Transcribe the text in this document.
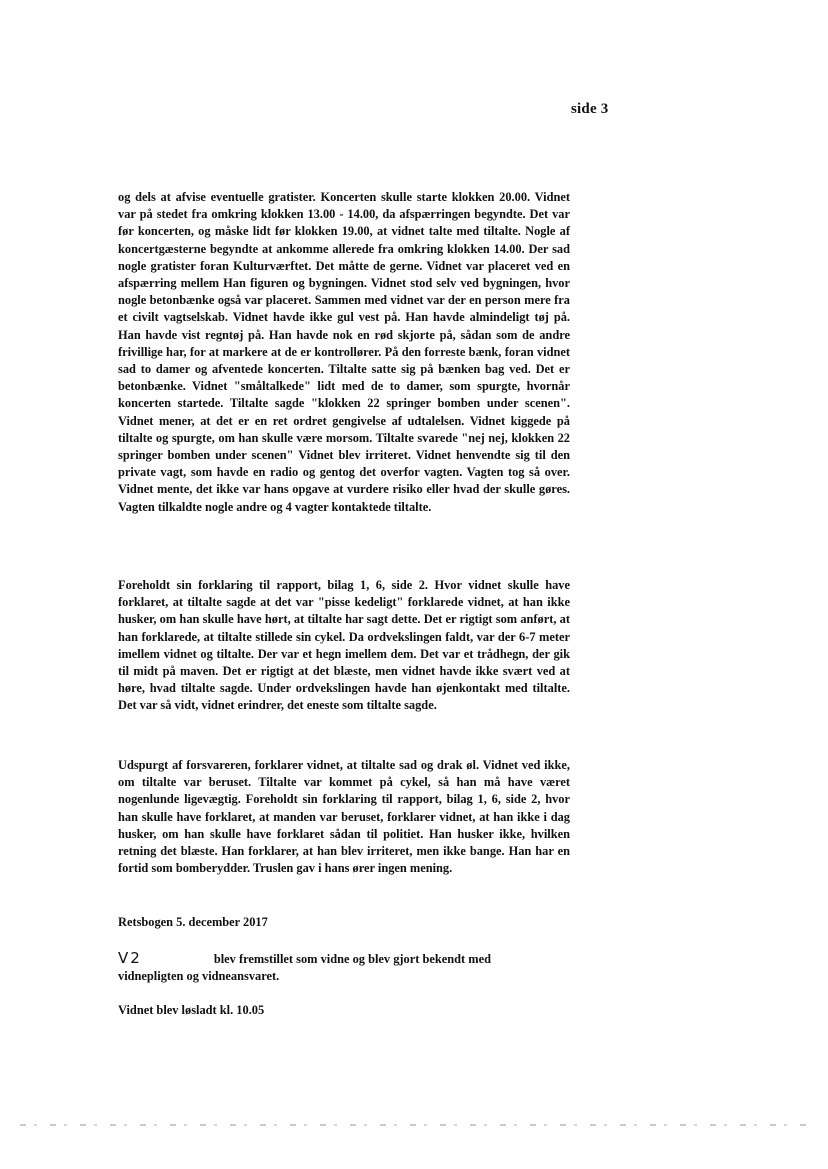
side 3

og dels at afvise eventuelle gratister. Koncerten skulle starte klokken 20.00. Vidnet var på stedet fra omkring klokken 13.00 - 14.00, da afspærringen begyndte. Det var før koncerten, og måske lidt før klokken 19.00, at vidnet talte med tiltalte. Nogle af koncertgæsterne begyndte at ankomme allerede fra omkring klokken 14.00. Der sad nogle gratister foran Kulturværftet. Det måtte de gerne. Vidnet var placeret ved en afspærring mellem Han figuren og bygningen. Vidnet stod selv ved bygningen, hvor nogle betonbænke også var placeret. Sammen med vidnet var der en person mere fra et civilt vagtselskab. Vidnet havde ikke gul vest på. Han havde almindeligt tøj på. Han havde vist regntøj på. Han havde nok en rød skjorte på, sådan som de andre frivillige har, for at markere at de er kontrollører. På den forreste bænk, foran vidnet sad to damer og afventede koncerten. Tiltalte satte sig på bænken bag ved. Det er betonbænke. Vidnet "småltalkede" lidt med de to damer, som spurgte, hvornår koncerten startede. Tiltalte sagde "klokken 22 springer bomben under scenen". Vidnet mener, at det er en ret ordret gengivelse af udtalelsen. Vidnet kiggede på tiltalte og spurgte, om han skulle være morsom. Tiltalte svarede "nej nej, klokken 22 springer bomben under scenen" Vidnet blev irriteret. Vidnet henvendte sig til den private vagt, som havde en radio og gentog det overfor vagten. Vagten tog så over. Vidnet mente, det ikke var hans opgave at vurdere risiko eller hvad der skulle gøres. Vagten tilkaldte nogle andre og 4 vagter kontaktede tiltalte.

Foreholdt sin forklaring til rapport, bilag 1, 6, side 2. Hvor vidnet skulle have forklaret, at tiltalte sagde at det var "pisse kedeligt" forklarede vidnet, at han ikke husker, om han skulle have hørt, at tiltalte har sagt dette. Det er rigtigt som anført, at han forklarede, at tiltalte stillede sin cykel. Da ordvekslingen faldt, var der 6-7 meter imellem vidnet og tiltalte. Der var et hegn imellem dem. Det var et trådhegn, der gik til midt på maven. Det er rigtigt at det blæste, men vidnet havde ikke svært ved at høre, hvad tiltalte sagde. Under ordvekslingen havde han øjenkontakt med tiltalte. Det var så vidt, vidnet erindrer, det eneste som tiltalte sagde.

Udspurgt af forsvareren, forklarer vidnet, at tiltalte sad og drak øl. Vidnet ved ikke, om tiltalte var beruset. Tiltalte var kommet på cykel, så han må have været nogenlunde ligevægtig. Foreholdt sin forklaring til rapport, bilag 1, 6, side 2, hvor han skulle have forklaret, at manden var beruset, forklarer vidnet, at han ikke i dag husker, om han skulle have forklaret sådan til politiet. Han husker ikke, hvilken retning det blæste. Han forklarer, at han blev irriteret, men ikke bange. Han har en fortid som bomberydder. Truslen gav i hans ører ingen mening.

Retsbogen 5. december 2017
V2	blev fremstillet som vidne og blev gjort bekendt med
vidnepligten og vidneansvaret.
Vidnet blev løsladt kl. 10.05
